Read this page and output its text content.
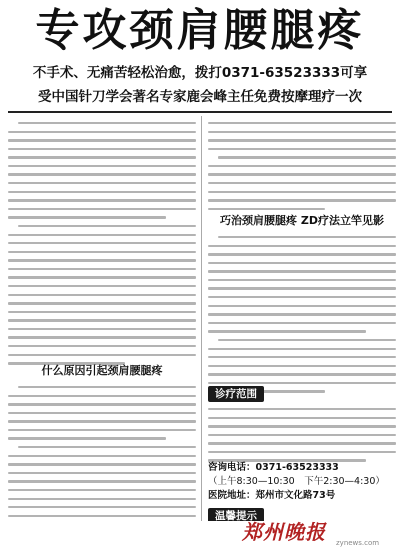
专攻颈肩腰腿疼
不手术、无痛苦轻松治愈，拨打0371-63523333可享
受中国针刀学会著名专家鹿会峰主任免费按摩理疗一次
什么原因引起颈肩腰腿疼
巧治颈肩腰腿疼 ZD疗法立竿见影
诊疗范围
咨询电话：0371-63523333
（上午8:30—10:30　下午2:30—4:30）
医院地址：郑州市文化路73号
温馨提示
郑州晚报 zynews.com
